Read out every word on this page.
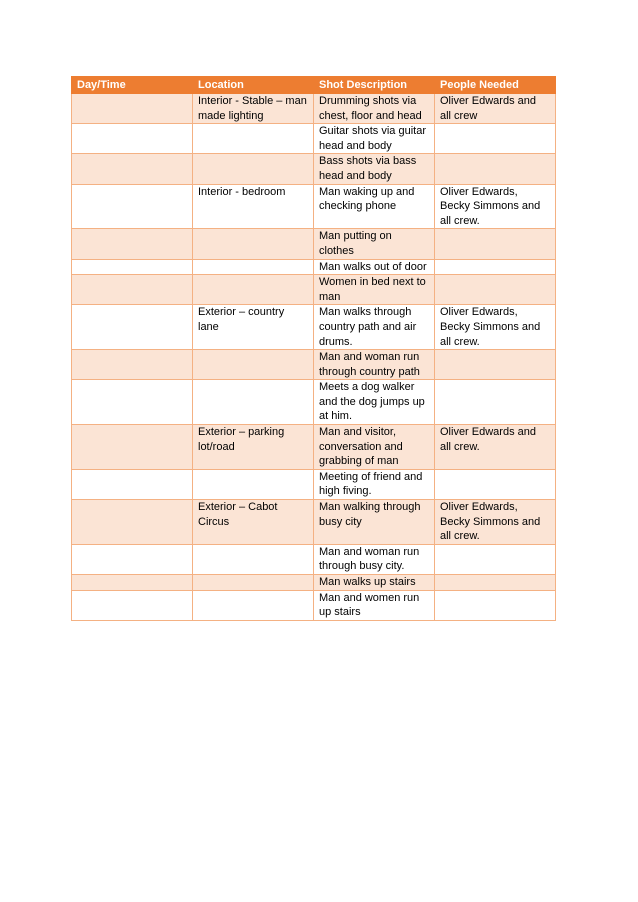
Day/Time	Location	Shot Description	People Needed
	Interior - Stable – man made lighting	Drumming shots via chest, floor and head	Oliver Edwards and all crew
		Guitar shots via guitar head and body	
		Bass shots via bass head and body	
	Interior - bedroom	Man waking up and checking phone	Oliver Edwards, Becky Simmons and all crew.
		Man putting on clothes	
		Man walks out of door	
		Women in bed next to man	
	Exterior – country lane	Man walks through country path and air drums.	Oliver Edwards, Becky Simmons and all crew.
		Man and woman run through country path	
		Meets a dog walker and the dog jumps up at him.	
	Exterior – parking lot/road	Man and visitor, conversation and grabbing of man	Oliver Edwards and all crew.
		Meeting of friend and high fiving.	
	Exterior – Cabot Circus	Man walking through busy city	Oliver Edwards, Becky Simmons and all crew.
		Man and woman run through busy city.	
		Man walks up stairs	
		Man and women run up stairs	
